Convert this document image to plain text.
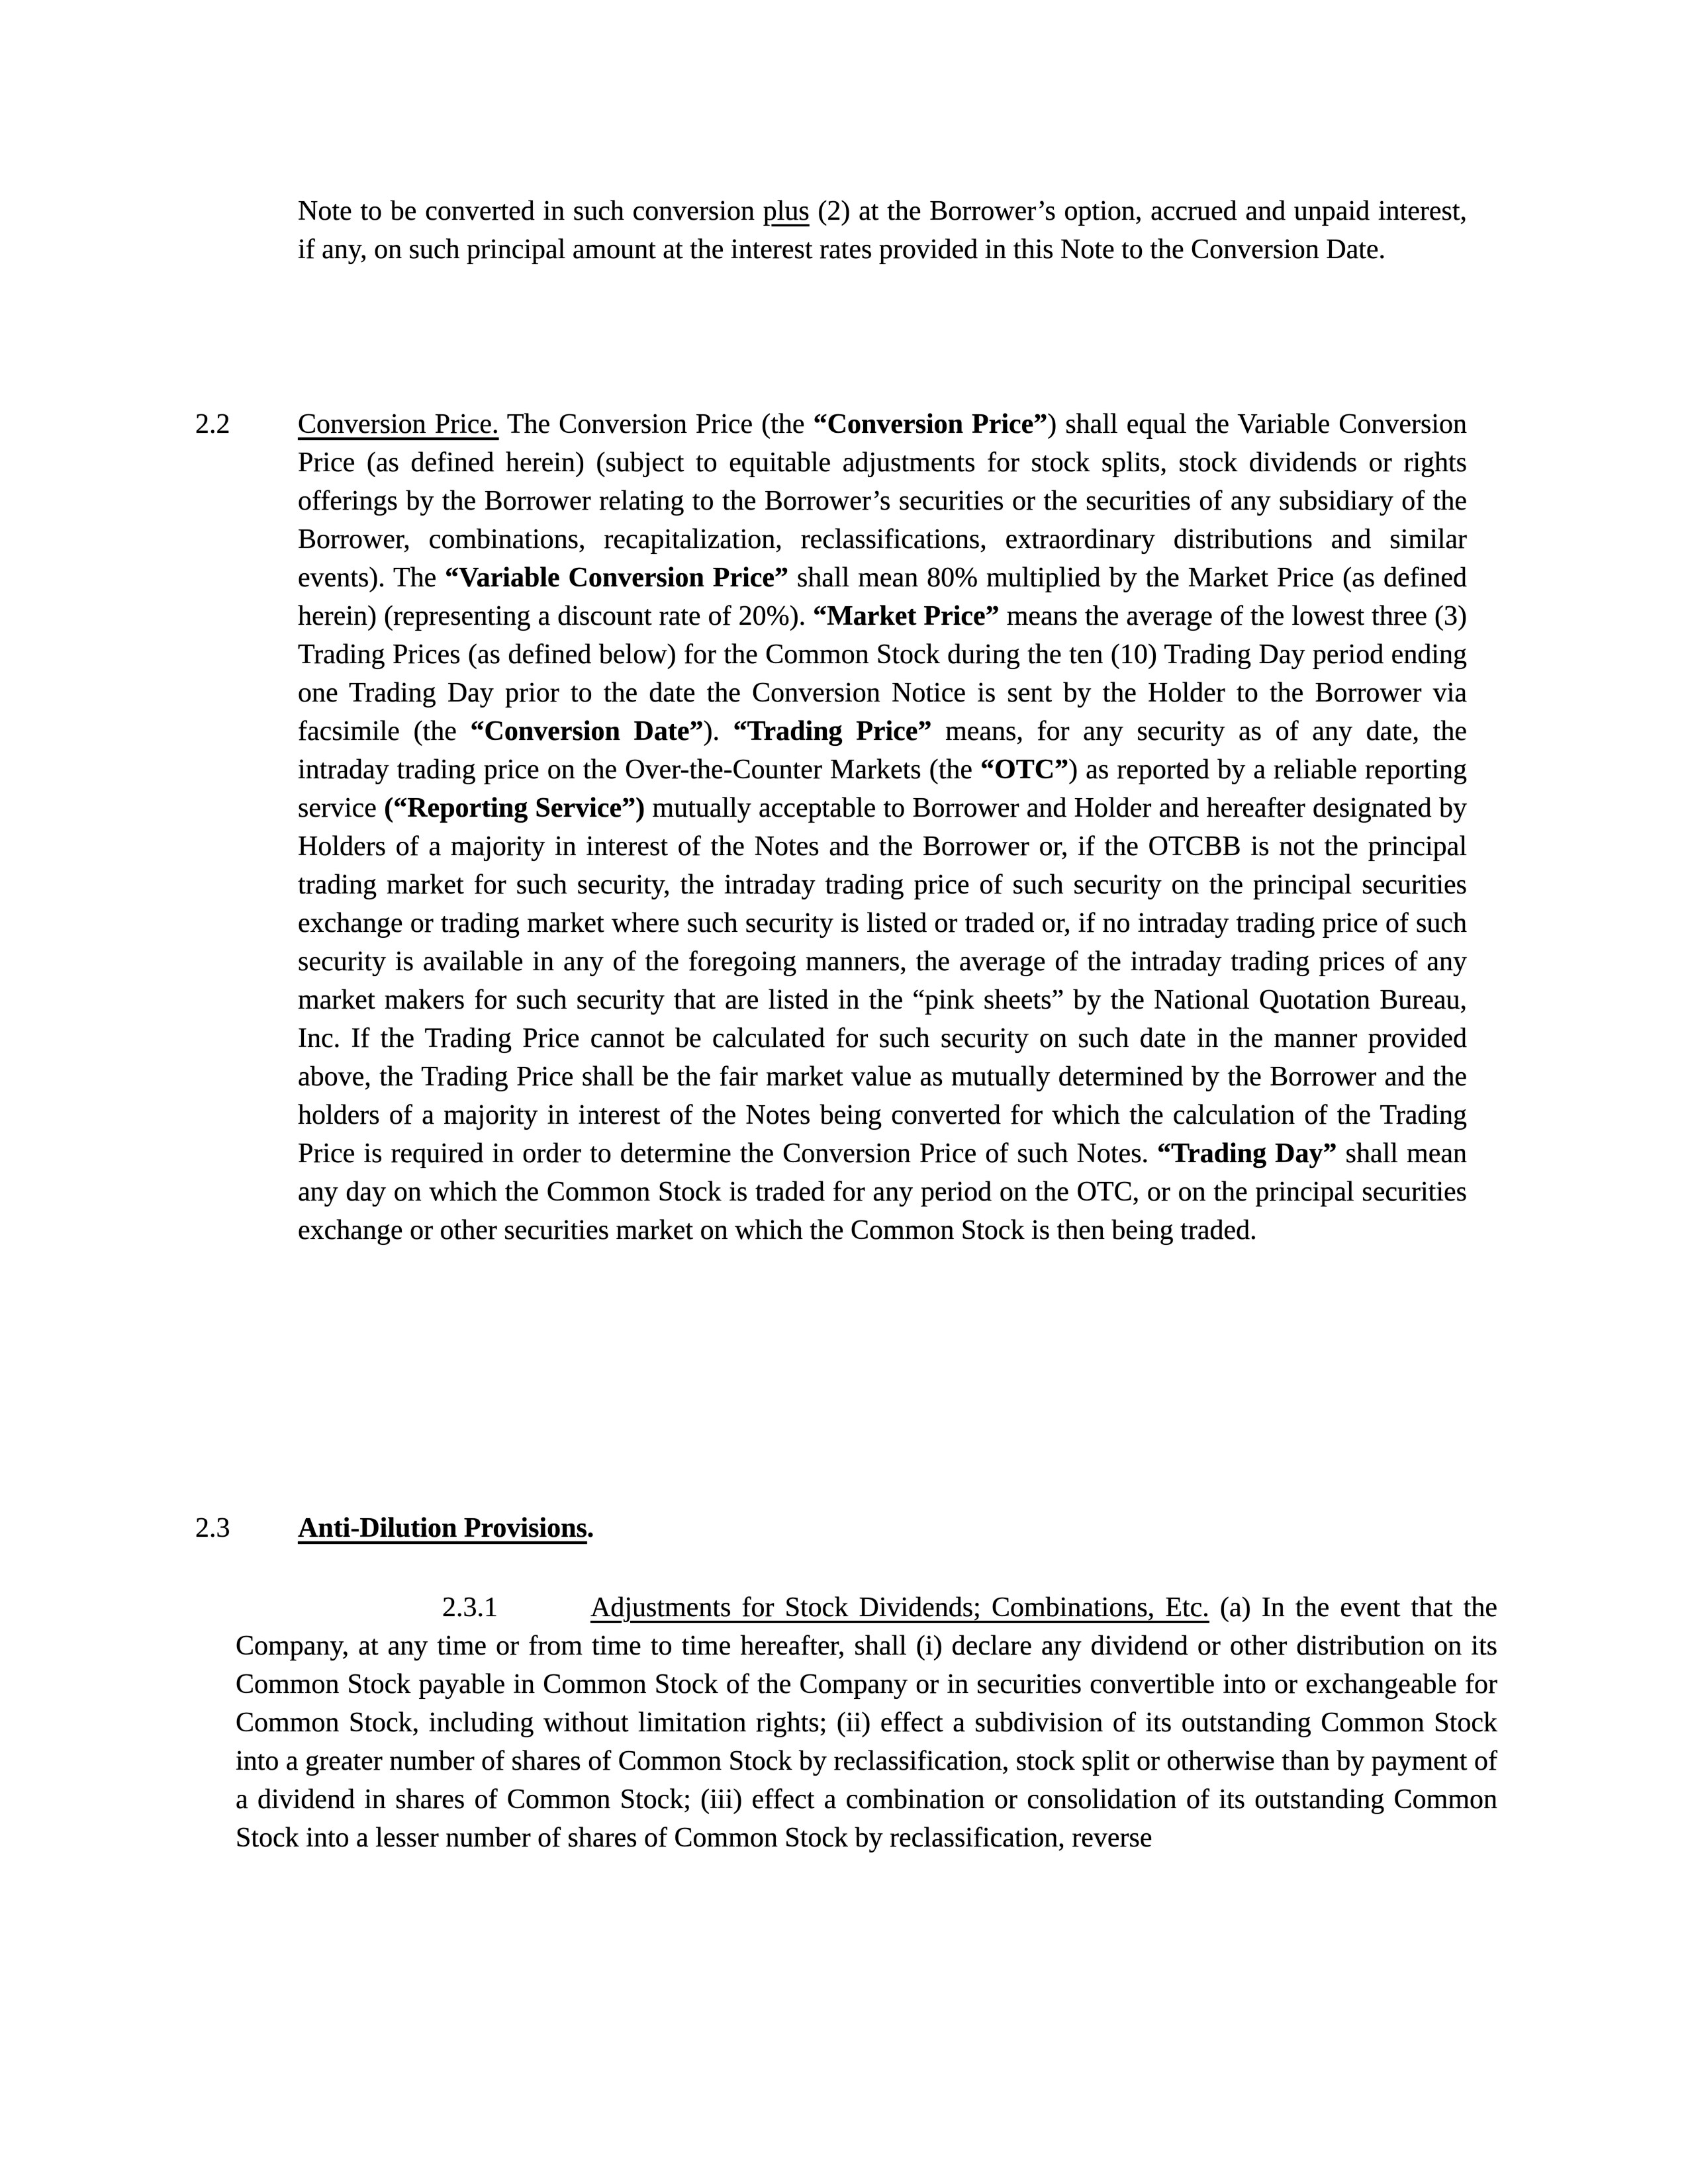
Note to be converted in such conversion plus (2) at the Borrower’s option, accrued and unpaid interest, if any, on such principal amount at the interest rates provided in this Note to the Conversion Date.
2.2 Conversion Price. The Conversion Price (the “Conversion Price”) shall equal the Variable Conversion Price (as defined herein) (subject to equitable adjustments for stock splits, stock dividends or rights offerings by the Borrower relating to the Borrower’s securities or the securities of any subsidiary of the Borrower, combinations, recapitalization, reclassifications, extraordinary distributions and similar events). The “Variable Conversion Price” shall mean 80% multiplied by the Market Price (as defined herein) (representing a discount rate of 20%). “Market Price” means the average of the lowest three (3) Trading Prices (as defined below) for the Common Stock during the ten (10) Trading Day period ending one Trading Day prior to the date the Conversion Notice is sent by the Holder to the Borrower via facsimile (the “Conversion Date”). “Trading Price” means, for any security as of any date, the intraday trading price on the Over-the-Counter Markets (the “OTC”) as reported by a reliable reporting service (“Reporting Service”) mutually acceptable to Borrower and Holder and hereafter designated by Holders of a majority in interest of the Notes and the Borrower or, if the OTCBB is not the principal trading market for such security, the intraday trading price of such security on the principal securities exchange or trading market where such security is listed or traded or, if no intraday trading price of such security is available in any of the foregoing manners, the average of the intraday trading prices of any market makers for such security that are listed in the “pink sheets” by the National Quotation Bureau, Inc. If the Trading Price cannot be calculated for such security on such date in the manner provided above, the Trading Price shall be the fair market value as mutually determined by the Borrower and the holders of a majority in interest of the Notes being converted for which the calculation of the Trading Price is required in order to determine the Conversion Price of such Notes. “Trading Day” shall mean any day on which the Common Stock is traded for any period on the OTC, or on the principal securities exchange or other securities market on which the Common Stock is then being traded.
2.3 Anti-Dilution Provisions.
2.3.1	Adjustments for Stock Dividends; Combinations, Etc. (a) In the event that the Company, at any time or from time to time hereafter, shall (i) declare any dividend or other distribution on its Common Stock payable in Common Stock of the Company or in securities convertible into or exchangeable for Common Stock, including without limitation rights; (ii) effect a subdivision of its outstanding Common Stock into a greater number of shares of Common Stock by reclassification, stock split or otherwise than by payment of a dividend in shares of Common Stock; (iii) effect a combination or consolidation of its outstanding Common Stock into a lesser number of shares of Common Stock by reclassification, reverse
